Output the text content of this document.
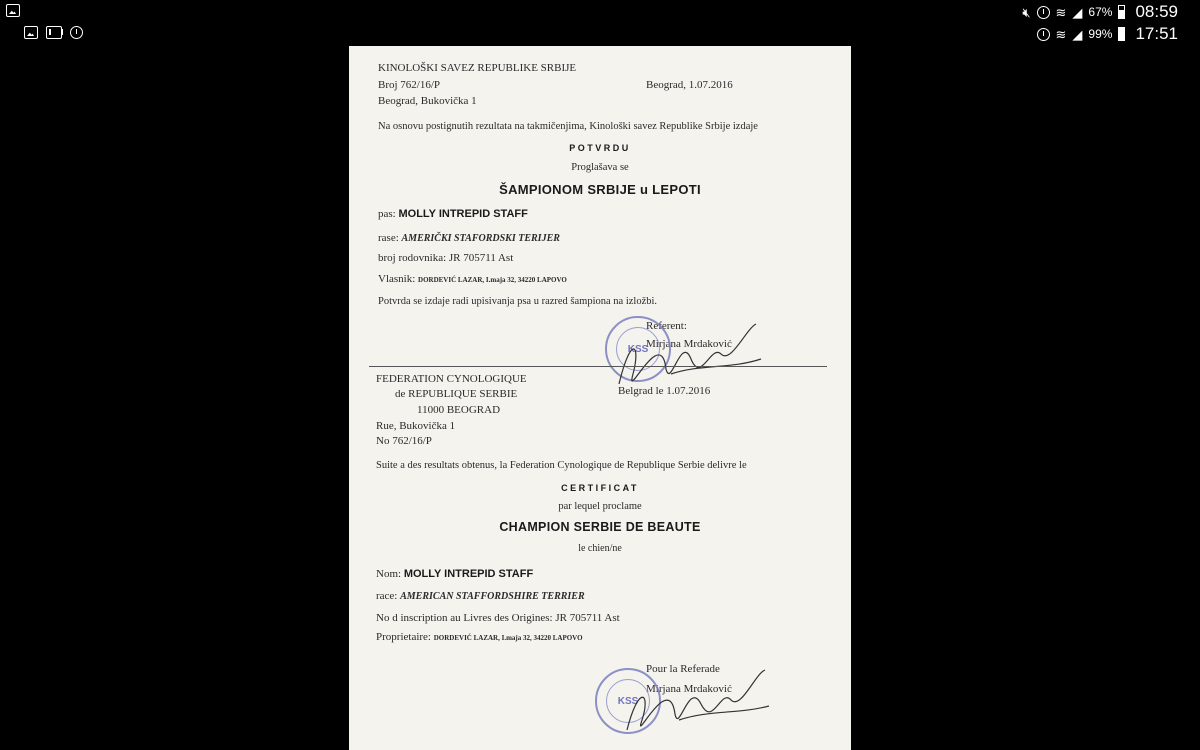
🔇︎ ≋ ◢ 67% 08:59
≋ ◢ 99% 17:51
KINOLOŠKI SAVEZ REPUBLIKE SRBIJE
Broj 762/16/P	Beograd, 1.07.2016
Beograd, Bukovička 1
Na osnovu postignutih rezultata na takmičenjima, Kinološki savez Republike Srbije izdaje
POTVRDU
Proglašava se
ŠAMPIONOM SRBIJE u LEPOTI
pas: MOLLY INTREPID STAFF
rase: AMERIČKI STAFORDSKI TERIJER
broj rodovnika: JR 705711 Ast
Vlasnik: DORDEVIĆ LAZAR, I.maja 32, 34220 LAPOVO
Potvrda se izdaje radi upisivanja psa u razred šampiona na izložbi.
Referent:
Mirjana Mrdaković
KSS
FEDERATION CYNOLOGIQUE
de REPUBLIQUE SERBIE
11000 BEOGRAD
Belgrad le 1.07.2016
Rue, Bukovička 1
No 762/16/P
Suite a des resultats obtenus, la Federation Cynologique de Republique Serbie delivre le
CERTIFICAT
par lequel proclame
CHAMPION SERBIE DE BEAUTE
le chien/ne
Nom: MOLLY INTREPID STAFF
race: AMERICAN STAFFORDSHIRE TERRIER
No d inscription au Livres des Origines: JR 705711 Ast
Proprietaire: DORDEVIĆ LAZAR, I.maja 32, 34220 LAPOVO
Pour la Referade
Mirjana Mrdaković
KSS
